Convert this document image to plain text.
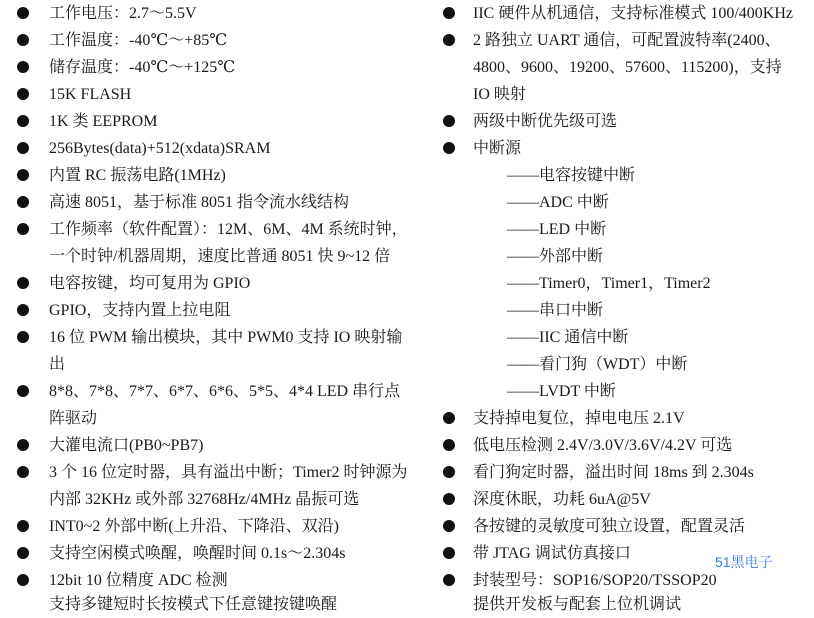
工作电压：2.7～5.5V
工作温度：-40℃～+85℃
储存温度：-40℃～+125℃
15K FLASH
1K 类 EEPROM
256Bytes(data)+512(xdata)SRAM
内置 RC 振荡电路(1MHz)
高速 8051，基于标准 8051 指令流水线结构
工作频率（软件配置）：12M、6M、4M 系统时钟，
一个时钟/机器周期，速度比普通 8051 快 9~12 倍
电容按键，均可复用为 GPIO
GPIO，支持内置上拉电阻
16 位 PWM 输出模块，其中 PWM0 支持 IO 映射输
出
8*8、7*8、7*7、6*7、6*6、5*5、4*4 LED 串行点
阵驱动
大灌电流口(PB0~PB7)
3 个 16 位定时器，具有溢出中断；Timer2 时钟源为
内部 32KHz 或外部 32768Hz/4MHz 晶振可选
INT0~2 外部中断(上升沿、下降沿、双沿)
支持空闲模式唤醒，唤醒时间 0.1s～2.304s
12bit 10 位精度 ADC 检测
IIC 硬件从机通信，支持标准模式 100/400KHz
2 路独立 UART 通信，可配置波特率(2400、
4800、9600、19200、57600、115200)，支持
IO 映射
两级中断优先级可选
中断源
——电容按键中断
——ADC 中断
——LED 中断
——外部中断
——Timer0，Timer1，Timer2
——串口中断
——IIC 通信中断
——看门狗（WDT）中断
——LVDT 中断
支持掉电复位，掉电电压 2.1V
低电压检测 2.4V/3.0V/3.6V/4.2V 可选
看门狗定时器，溢出时间 18ms 到 2.304s
深度休眠，功耗 6uA@5V
各按键的灵敏度可独立设置，配置灵活
带 JTAG 调试仿真接口
封装型号：SOP16/SOP20/TSSOP20
支持多键短时长按模式下任意键按键唤醒	提供开发板与配套上位机调试
51黑电子
